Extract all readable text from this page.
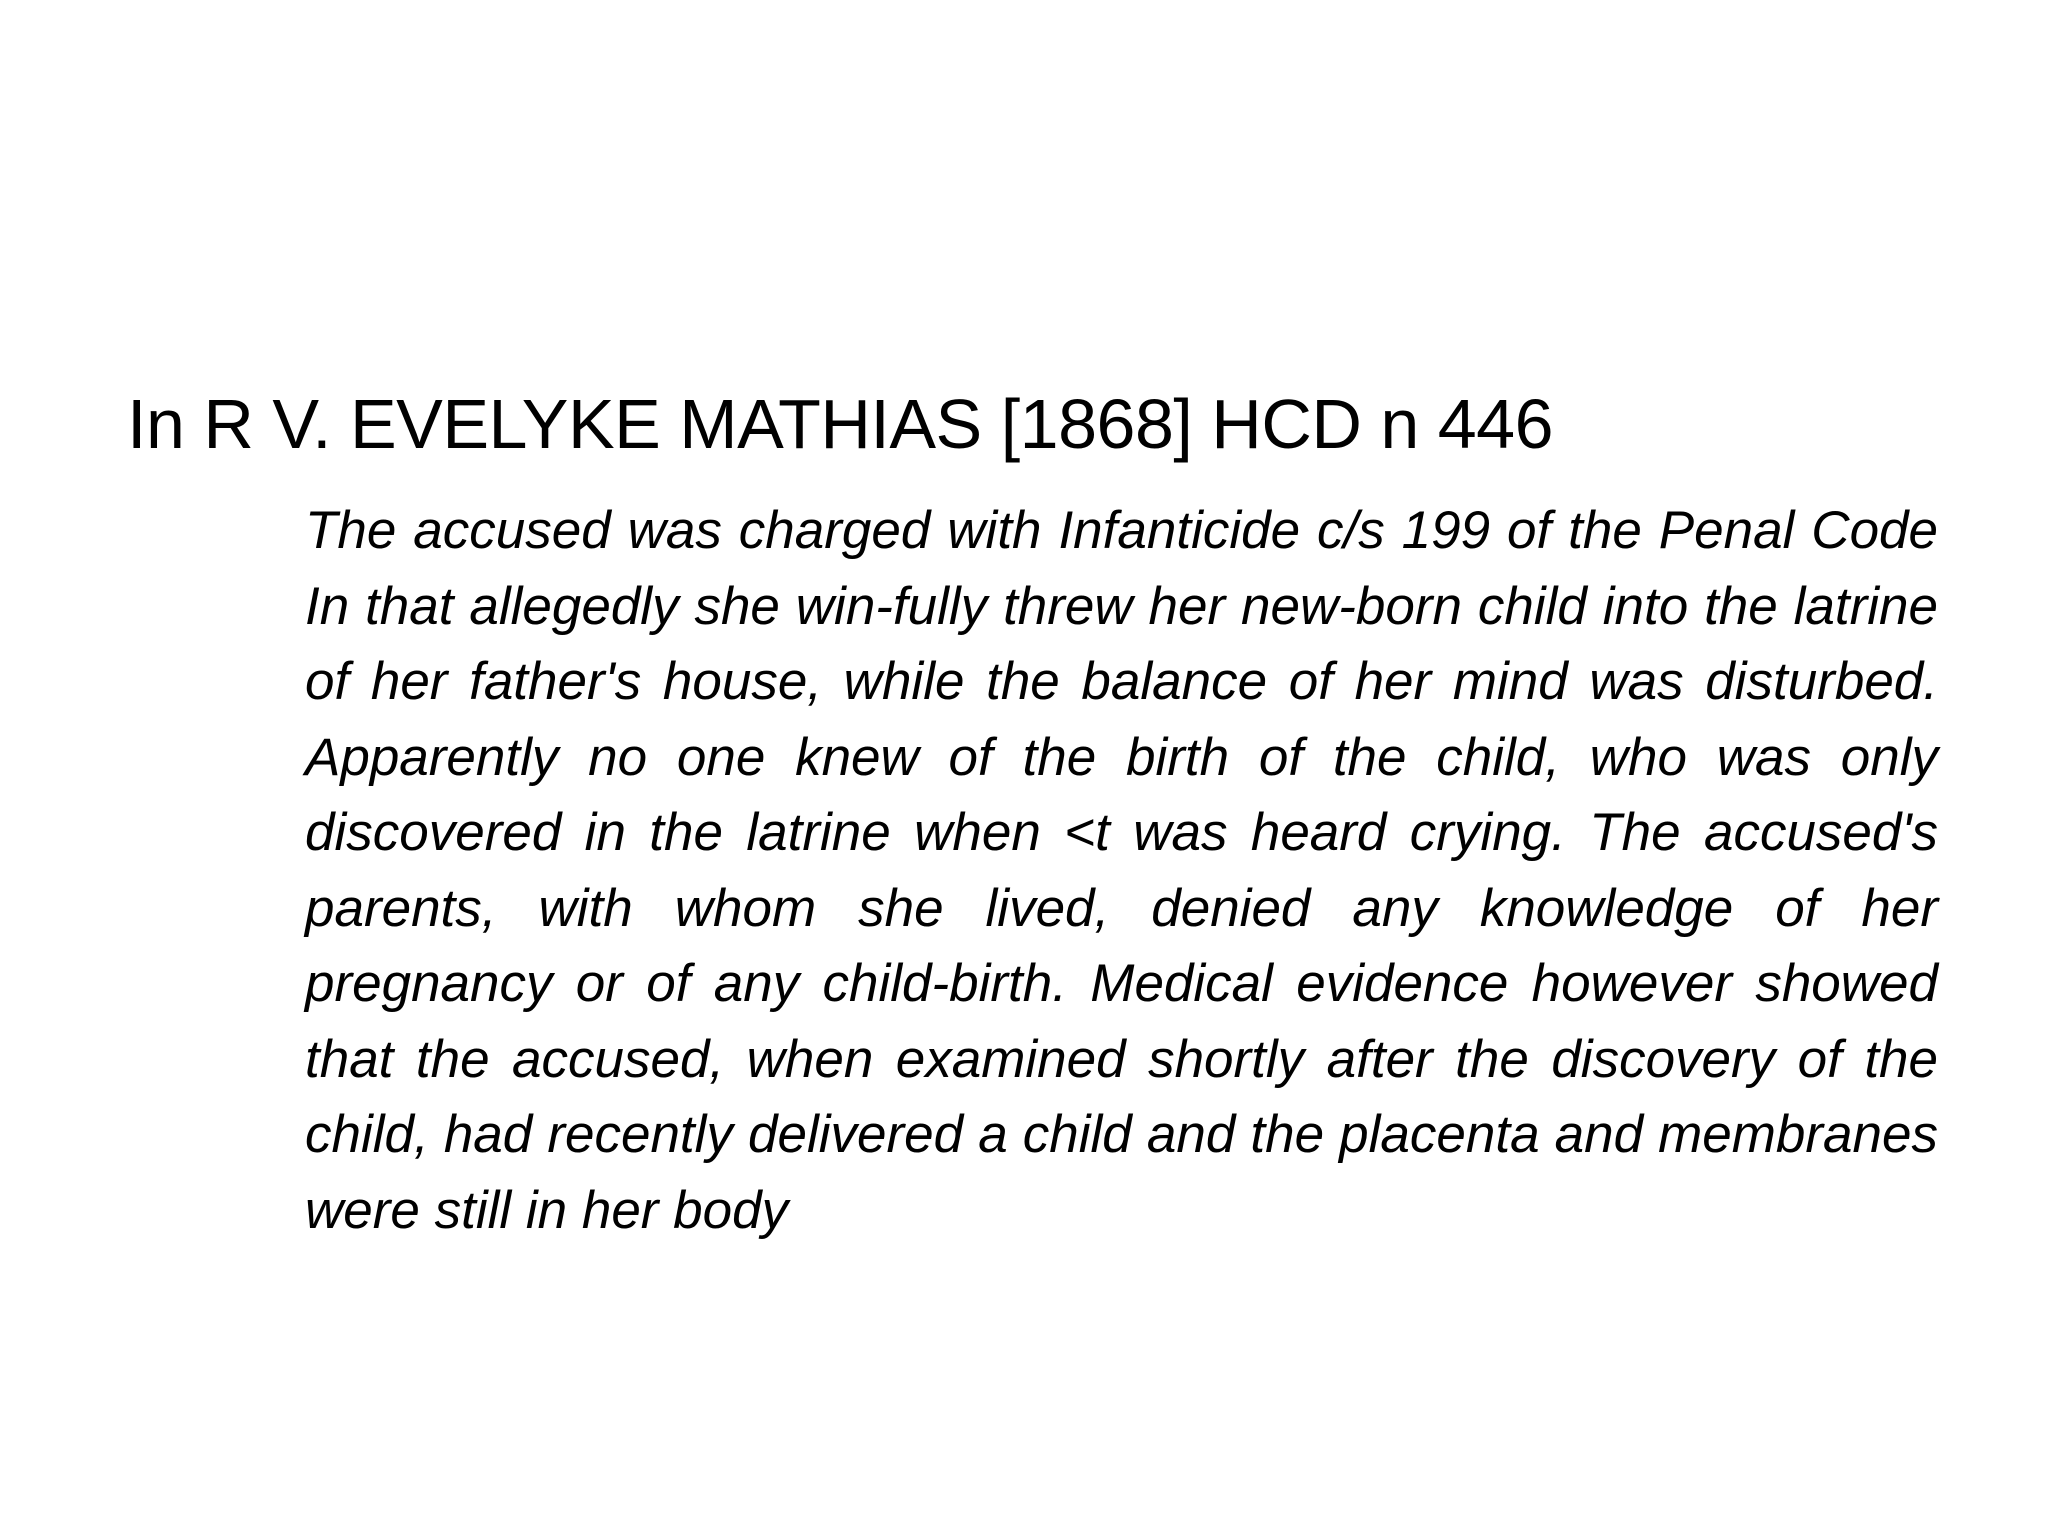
In R V. EVELYKE MATHIAS [1868] HCD n 446

The accused was charged with Infanticide c/s 199 of the Penal Code In that allegedly she win-fully threw her new-born child into the latrine of her father's house, while the balance of her mind was disturbed. Apparently no one knew of the birth of the child, who was only discovered in the latrine when <t was heard crying. The accused's parents, with whom she lived, denied any knowledge of her pregnancy or of any child-birth. Medical evidence however showed that the accused, when examined shortly after the discovery of the child, had recently delivered a child and the placenta and membranes were still in her body
